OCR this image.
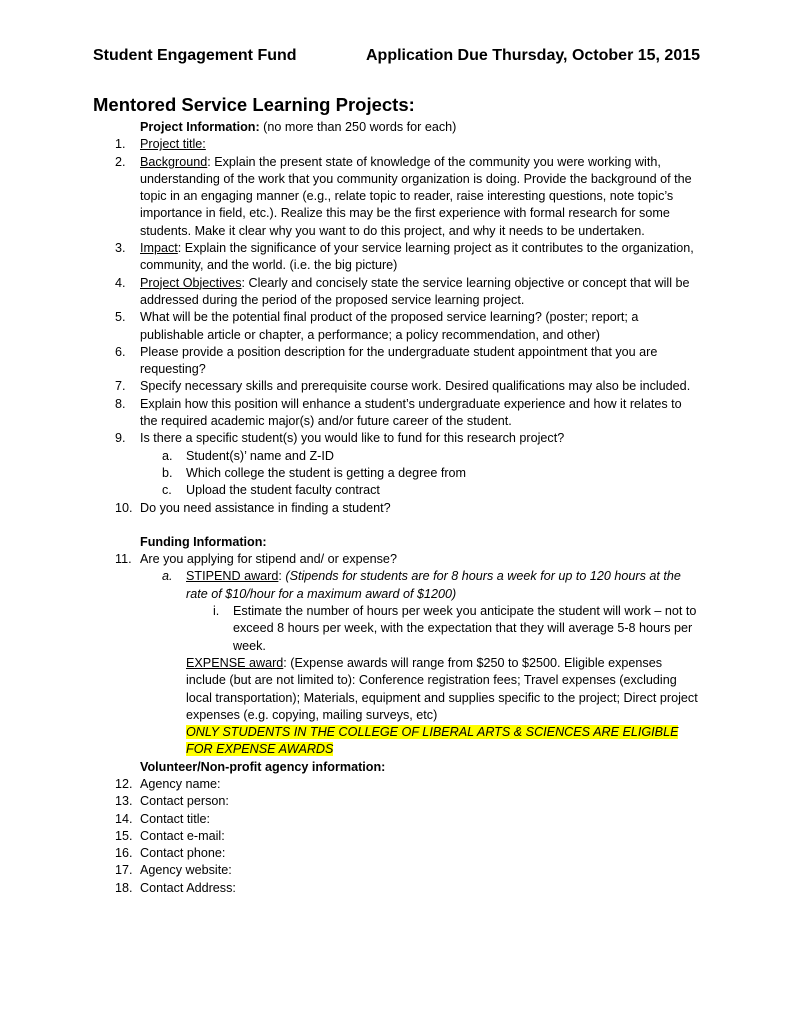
Student Engagement Fund	Application Due Thursday, October 15, 2015
Mentored Service Learning Projects:
Project Information: (no more than 250 words for each)
1.	Project title:
2.	Background: Explain the present state of knowledge of the community you were working with, understanding of the work that you community organization is doing. Provide the background of the topic in an engaging manner (e.g., relate topic to reader, raise interesting questions, note topic’s importance in field, etc.). Realize this may be the first experience with formal research for some students. Make it clear why you want to do this project, and why it needs to be undertaken.
3.	Impact: Explain the significance of your service learning project as it contributes to the organization, community, and the world. (i.e. the big picture)
4.	Project Objectives: Clearly and concisely state the service learning objective or concept that will be addressed during the period of the proposed service learning project.
5.	What will be the potential final product of the proposed service learning? (poster; report; a publishable article or chapter, a performance; a policy recommendation, and other)
6.	Please provide a position description for the undergraduate student appointment that you are requesting?
7.	Specify necessary skills and prerequisite course work. Desired qualifications may also be included.
8.	Explain how this position will enhance a student’s undergraduate experience and how it relates to the required academic major(s) and/or future career of the student.
9.	Is there a specific student(s) you would like to fund for this research project?
a. Student(s)’ name and Z-ID
b. Which college the student is getting a degree from
c. Upload the student faculty contract
10. Do you need assistance in finding a student?
Funding Information:
11. Are you applying for stipend and/ or expense?
a. STIPEND award: (Stipends for students are for 8 hours a week for up to 120 hours at the rate of $10/hour for a maximum award of $1200)
i. Estimate the number of hours per week you anticipate the student will work – not to exceed 8 hours per week, with the expectation that they will average 5-8 hours per week.
EXPENSE award: (Expense awards will range from $250 to $2500. Eligible expenses include (but are not limited to): Conference registration fees; Travel expenses (excluding local transportation); Materials, equipment and supplies specific to the project; Direct project expenses (e.g. copying, mailing surveys, etc)
ONLY STUDENTS IN THE COLLEGE OF LIBERAL ARTS & SCIENCES ARE ELIGIBLE FOR EXPENSE AWARDS
Volunteer/Non-profit agency information:
12. Agency name:
13. Contact person:
14. Contact title:
15. Contact e-mail:
16. Contact phone:
17. Agency website:
18. Contact Address:
